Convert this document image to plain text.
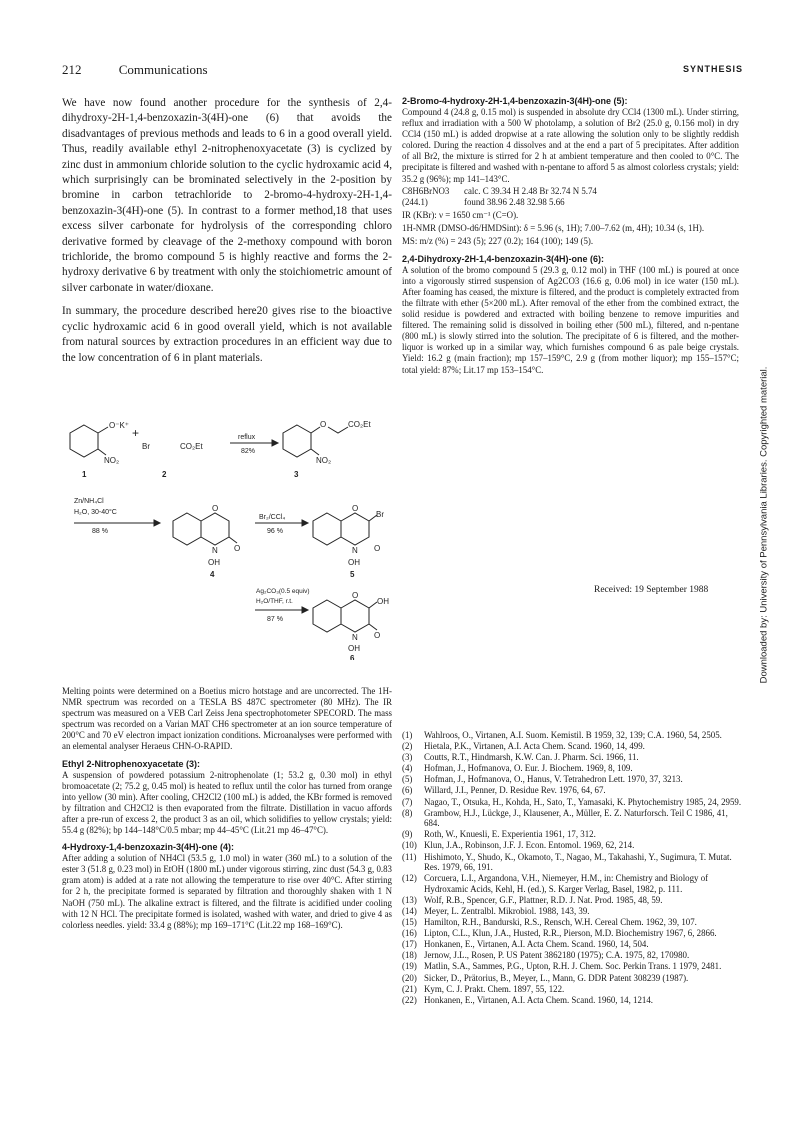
212	Communications	SYNTHESIS

We have now found another procedure for the synthesis of 2,4-dihydroxy-2H-1,4-benzoxazin-3(4H)-one (6) that avoids the disadvantages of previous methods and leads to 6 in a good overall yield. Thus, readily available ethyl 2-nitrophenoxyacetate (3) is cyclized by zinc dust in ammonium chloride solution to the cyclic hydroxamic acid 4, which surprisingly can be brominated selectively in the 2-position by bromine in carbon tetrachloride to 2-bromo-4-hydroxy-2H-1,4-benzoxazin-3(4H)-one (5). In contrast to a former method,18 that uses excess silver carbonate for hydrolysis of the corresponding chloro derivative formed by cleavage of the 2-methoxy compound with boron trichloride, the bromo compound 5 is highly reactive and forms the 2-hydroxy derivative 6 by treatment with only the stoichiometric amount of silver carbonate in water/dioxane.

In summary, the procedure described here20 gives rise to the bioactive cyclic hydroxamic acid 6 in good overall yield, which is not available from natural sources by extraction procedures in an efficient way due to the low concentration of 6 in plant materials.

O⁻K⁺
NO₂
1
+
Br	CO₂Et
2
reflux
82%
O	CO₂Et
NO₂
3
Zn/NH₄Cl
H₂O, 30-40°C
88 %
O
N O
OH
4
Br₂/CCl₄
96 %
O
Br
N O
OH
5
Ag₂CO₃(0.5 equiv)
H₂O/THF, r.t.
87 %
O
OH
N O
OH
6

Melting points were determined on a Boetius micro hotstage and are uncorrected. The 1H-NMR spectrum was recorded on a TESLA BS 487C spectrometer (80 MHz). The IR spectrum was measured on a VEB Carl Zeiss Jena spectrophotometer SPECORD. The mass spectrum was recorded on a Varian MAT CH6 spectrometer at an ion source temperature of 200°C and 70 eV electron impact ionization conditions. Microanalyses were performed with an elemental analyser Heraeus CHN-O-RAPID.

Ethyl 2-Nitrophenoxyacetate (3):

A suspension of powdered potassium 2-nitrophenolate (1; 53.2 g, 0.30 mol) in ethyl bromoacetate (2; 75.2 g, 0.45 mol) is heated to reflux until the color has turned from orange into yellow (30 min). After cooling, CH2Cl2 (100 mL) is added, the KBr formed is removed by filtration and CH2Cl2 is then evaporated from the filtrate. Distillation in vacuo affords after a pre-run of excess 2, the product 3 as an oil, which solidifies to yellow crystals; yield: 55.4 g (82%); bp 144–148°C/0.5 mbar; mp 44–45°C (Lit.21 mp 46–47°C).

4-Hydroxy-1,4-benzoxazin-3(4H)-one (4):

After adding a solution of NH4Cl (53.5 g, 1.0 mol) in water (360 mL) to a solution of the ester 3 (51.8 g, 0.23 mol) in EtOH (1800 mL) under vigorous stirring, zinc dust (54.3 g, 0.83 gram atom) is added at a rate not allowing the temperature to rise over 40°C. After stirring for 2 h, the precipitate formed is separated by filtration and thoroughly shaken with 1 N NaOH (750 mL). The alkaline extract is filtered, and the filtrate is acidified under cooling with 12 N HCl. The precipitate formed is isolated, washed with water, and dried to give 4 as colorless needles. yield: 33.4 g (88%); mp 169–171°C (Lit.22 mp 168–169°C).

2-Bromo-4-hydroxy-2H-1,4-benzoxazin-3(4H)-one (5):

Compound 4 (24.8 g, 0.15 mol) is suspended in absolute dry CCl4 (1300 mL). Under stirring, reflux and irradiation with a 500 W photolamp, a solution of Br2 (25.0 g, 0.156 mol) in dry CCl4 (150 mL) is added dropwise at a rate allowing the solution only to be slightly reddish colored. During the reaction 4 dissolves and at the end a part of 5 precipitates. After addition of all Br2, the mixture is stirred for 2 h at ambient temperature and then cooled to 0°C. The precipitate is filtered and washed with n-pentane to afford 5 as almost colorless crystals; yield: 35.2 g (96%); mp 141–143°C.

C8H6BrNO3	calc. C 39.34 H 2.48 Br 32.74 N 5.74
(244.1)	found 38.96 2.48 32.98 5.66

IR (KBr): ν = 1650 cm⁻¹ (C=O).

1H-NMR (DMSO-d6/HMDSint): δ = 5.96 (s, 1H); 7.00–7.62 (m, 4H); 10.34 (s, 1H).

MS: m/z (%) = 243 (5); 227 (0.2); 164 (100); 149 (5).

2,4-Dihydroxy-2H-1,4-benzoxazin-3(4H)-one (6):

A solution of the bromo compound 5 (29.3 g, 0.12 mol) in THF (100 mL) is poured at once into a vigorously stirred suspension of Ag2CO3 (16.6 g, 0.06 mol) in ice water (150 mL). After foaming has ceased, the mixture is filtered, and the product is completely extracted from the filtrate with ether (5×200 mL). After removal of the ether from the combined extract, the solid residue is powdered and extracted with boiling benzene to remove impurities and filtered. The remaining solid is dissolved in boiling ether (500 mL), filtered, and n-pentane (800 mL) is slowly stirred into the solution. The precipitate of 6 is filtered, and the mother-liquor is worked up in a similar way, which furnishes compound 6 as pale beige crystals. Yield: 16.2 g (main fraction); mp 157–159°C, 2.9 g (from mother liquor); mp 155–157°C; total yield: 87%; Lit.17 mp 153–154°C.

Received: 19 September 1988
(1)	Wahlroos, O., Virtanen, A.I. Suom. Kemistil. B 1959, 32, 139; C.A. 1960, 54, 2505.
(2)	Hietala, P.K., Virtanen, A.I. Acta Chem. Scand. 1960, 14, 499.
(3)	Coutts, R.T., Hindmarsh, K.W. Can. J. Pharm. Sci. 1966, 11.
(4)	Hofman, J., Hofmanova, O. Eur. J. Biochem. 1969, 8, 109.
(5)	Hofman, J., Hofmanova, O., Hanus, V. Tetrahedron Lett. 1970, 37, 3213.
(6)	Willard, J.I., Penner, D. Residue Rev. 1976, 64, 67.
(7)	Nagao, T., Otsuka, H., Kohda, H., Sato, T., Yamasaki, K. Phytochemistry 1985, 24, 2959.
(8)	Grambow, H.J., Lückge, J., Klausener, A., Müller, E. Z. Naturforsch. Teil C 1986, 41, 684.
(9)	Roth, W., Knuesli, E. Experientia 1961, 17, 312.
(10) Klun, J.A., Robinson, J.F. J. Econ. Entomol. 1969, 62, 214.
(11) Hishimoto, Y., Shudo, K., Okamoto, T., Nagao, M., Takahashi, Y., Sugimura, T. Mutat. Res. 1979, 66, 191.
(12) Corcuera, L.I., Argandona, V.H., Niemeyer, H.M., in: Chemistry and Biology of Hydroxamic Acids, Kehl, H. (ed.), S. Karger Verlag, Basel, 1982, p. 111.
(13) Wolf, R.B., Spencer, G.F., Plattner, R.D. J. Nat. Prod. 1985, 48, 59.
(14) Meyer, L. Zentralbl. Mikrobiol. 1988, 143, 39.
(15) Hamilton, R.H., Bandurski, R.S., Rensch, W.H. Cereal Chem. 1962, 39, 107.
(16) Lipton, C.L., Klun, J.A., Husted, R.R., Pierson, M.D. Biochemistry 1967, 6, 2866.
(17) Honkanen, E., Virtanen, A.I. Acta Chem. Scand. 1960, 14, 504.
(18) Jernow, J.L., Rosen, P. US Patent 3862180 (1975); C.A. 1975, 82, 170980.
(19) Matlin, S.A., Sammes, P.G., Upton, R.H. J. Chem. Soc. Perkin Trans. 1 1979, 2481.
(20) Sicker, D., Prätorius, B., Meyer, L., Mann, G. DDR Patent 308239 (1987).
(21) Kym, C. J. Prakt. Chem. 1897, 55, 122.
(22) Honkanen, E., Virtanen, A.I. Acta Chem. Scand. 1960, 14, 1214.
Downloaded by: University of Pennsylvania Libraries. Copyrighted material.
